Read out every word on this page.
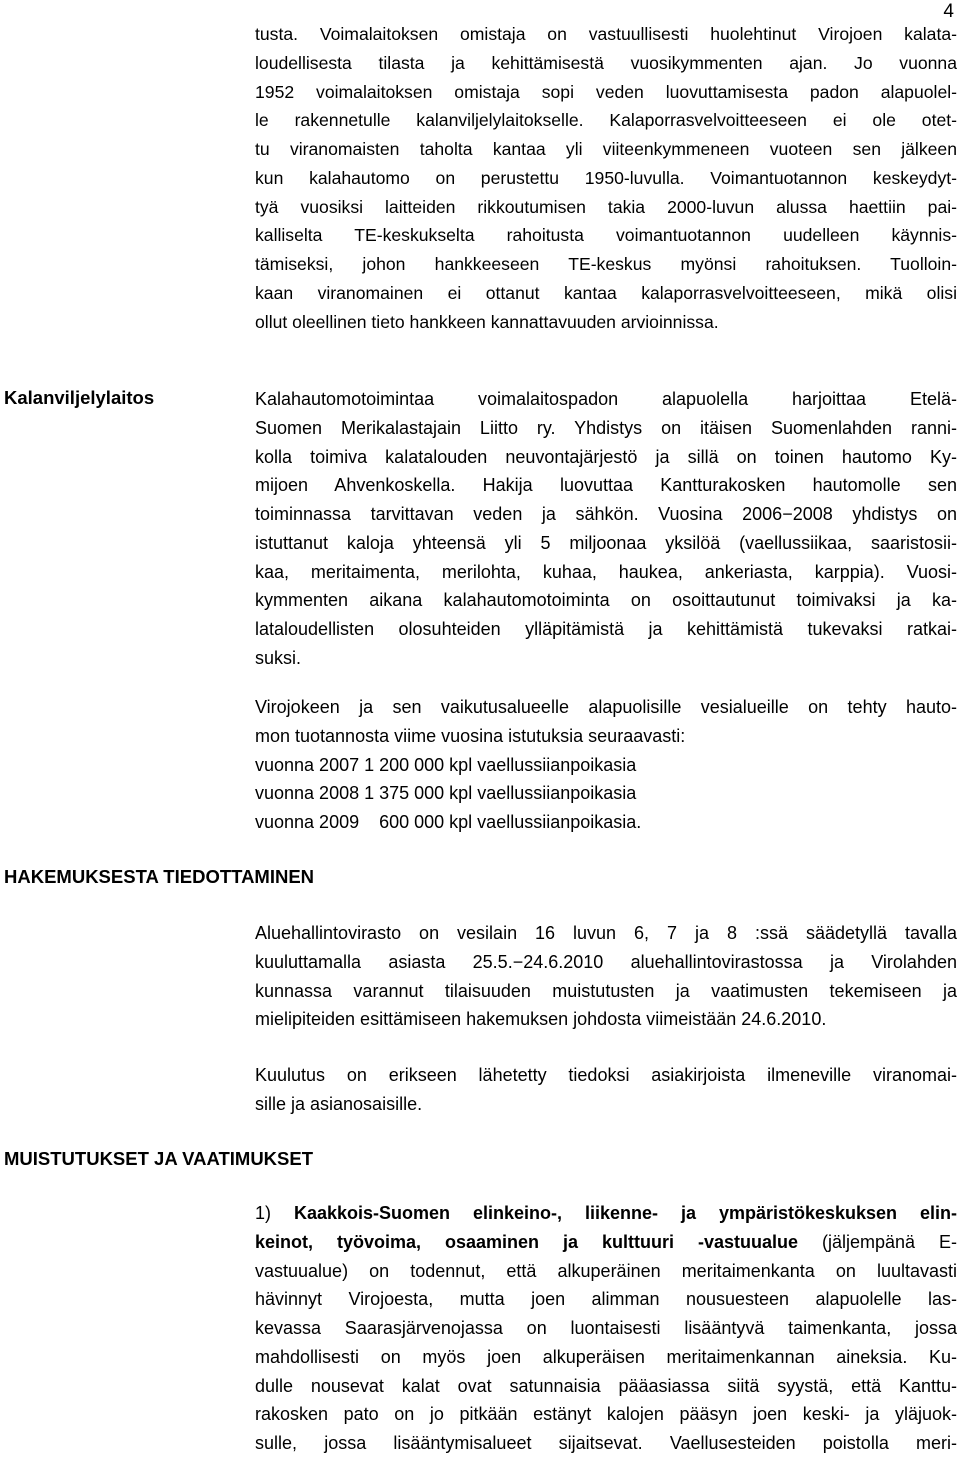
4
tusta. Voimalaitoksen omistaja on vastuullisesti huolehtinut Virojoen kalata-
loudellisesta tilasta ja kehittämisestä vuosikymmenten ajan. Jo vuonna
1952 voimalaitoksen omistaja sopi veden luovuttamisesta padon alapuolel-
le rakennetulle kalanviljelylaitokselle. Kalaporrasvelvoitteeseen ei ole otet-
tu viranomaisten taholta kantaa yli viiteenkymmeneen vuoteen sen jälkeen
kun kalahautomo on perustettu 1950-luvulla. Voimantuotannon keskeydyt-
tyä vuosiksi laitteiden rikkoutumisen takia 2000-luvun alussa haettiin pai-
kalliselta TE-keskukselta rahoitusta voimantuotannon uudelleen käynnis-
tämiseksi, johon hankkeeseen TE-keskus myönsi rahoituksen. Tuolloin-
kaan viranomainen ei ottanut kantaa kalaporrasvelvoitteeseen, mikä olisi
ollut oleellinen tieto hankkeen kannattavuuden arvioinnissa.
Kalanviljelylaitos	Kalahautomotoimintaa voimalaitospadon alapuolella harjoittaa Etelä-
Suomen Merikalastajain Liitto ry. Yhdistys on itäisen Suomenlahden ranni-
kolla toimiva kalatalouden neuvontajärjestö ja sillä on toinen hautomo Ky-
mijoen Ahvenkoskella. Hakija luovuttaa Kantturakosken hautomolle sen
toiminnassa tarvittavan veden ja sähkön. Vuosina 2006−2008 yhdistys on
istuttanut kaloja yhteensä yli 5 miljoonaa yksilöä (vaellussiikaa, saaristosii-
kaa, meritaimenta, merilohta, kuhaa, haukea, ankeriasta, karppia). Vuosi-
kymmenten aikana kalahautomotoiminta on osoittautunut toimivaksi ja ka-
lataloudellisten olosuhteiden ylläpitämistä ja kehittämistä tukevaksi ratkai-
suksi.
Virojokeen ja sen vaikutusalueelle alapuolisille vesialueille on tehty hauto-
mon tuotannosta viime vuosina istutuksia seuraavasti:
vuonna 2007 1 200 000 kpl vaellussiianpoikasia
vuonna 2008 1 375 000 kpl vaellussiianpoikasia
vuonna 2009    600 000 kpl vaellussiianpoikasia.
HAKEMUKSESTA TIEDOTTAMINEN
Aluehallintovirasto on vesilain 16 luvun 6, 7 ja 8 :ssä säädetyllä tavalla
kuuluttamalla asiasta 25.5.−24.6.2010 aluehallintovirastossa ja Virolahden
kunnassa varannut tilaisuuden muistutusten ja vaatimusten tekemiseen ja
mielipiteiden esittämiseen hakemuksen johdosta viimeistään 24.6.2010.
Kuulutus on erikseen lähetetty tiedoksi asiakirjoista ilmeneville viranomai-
sille ja asianosaisille.
MUISTUTUKSET JA VAATIMUKSET
1) Kaakkois-Suomen elinkeino-, liikenne- ja ympäristökeskuksen elin-
keinot, työvoima, osaaminen ja kulttuuri -vastuualue (jäljempänä E-
vastuualue) on todennut, että alkuperäinen meritaimenkanta on luultavasti
hävinnyt Virojoesta, mutta joen alimman nousuesteen alapuolelle las-
kevassa Saarasjärvenojassa on luontaisesti lisääntyvä taimenkanta, jossa
mahdollisesti on myös joen alkuperäisen meritaimenkannan aineksia. Ku-
dulle nousevat kalat ovat satunnaisia pääasiassa siitä syystä, että Kanttu-
rakosken pato on jo pitkään estänyt kalojen pääsyn joen keski- ja yläjuok-
sulle, jossa lisääntymisalueet sijaitsevat. Vaellusesteiden poistolla meri-
